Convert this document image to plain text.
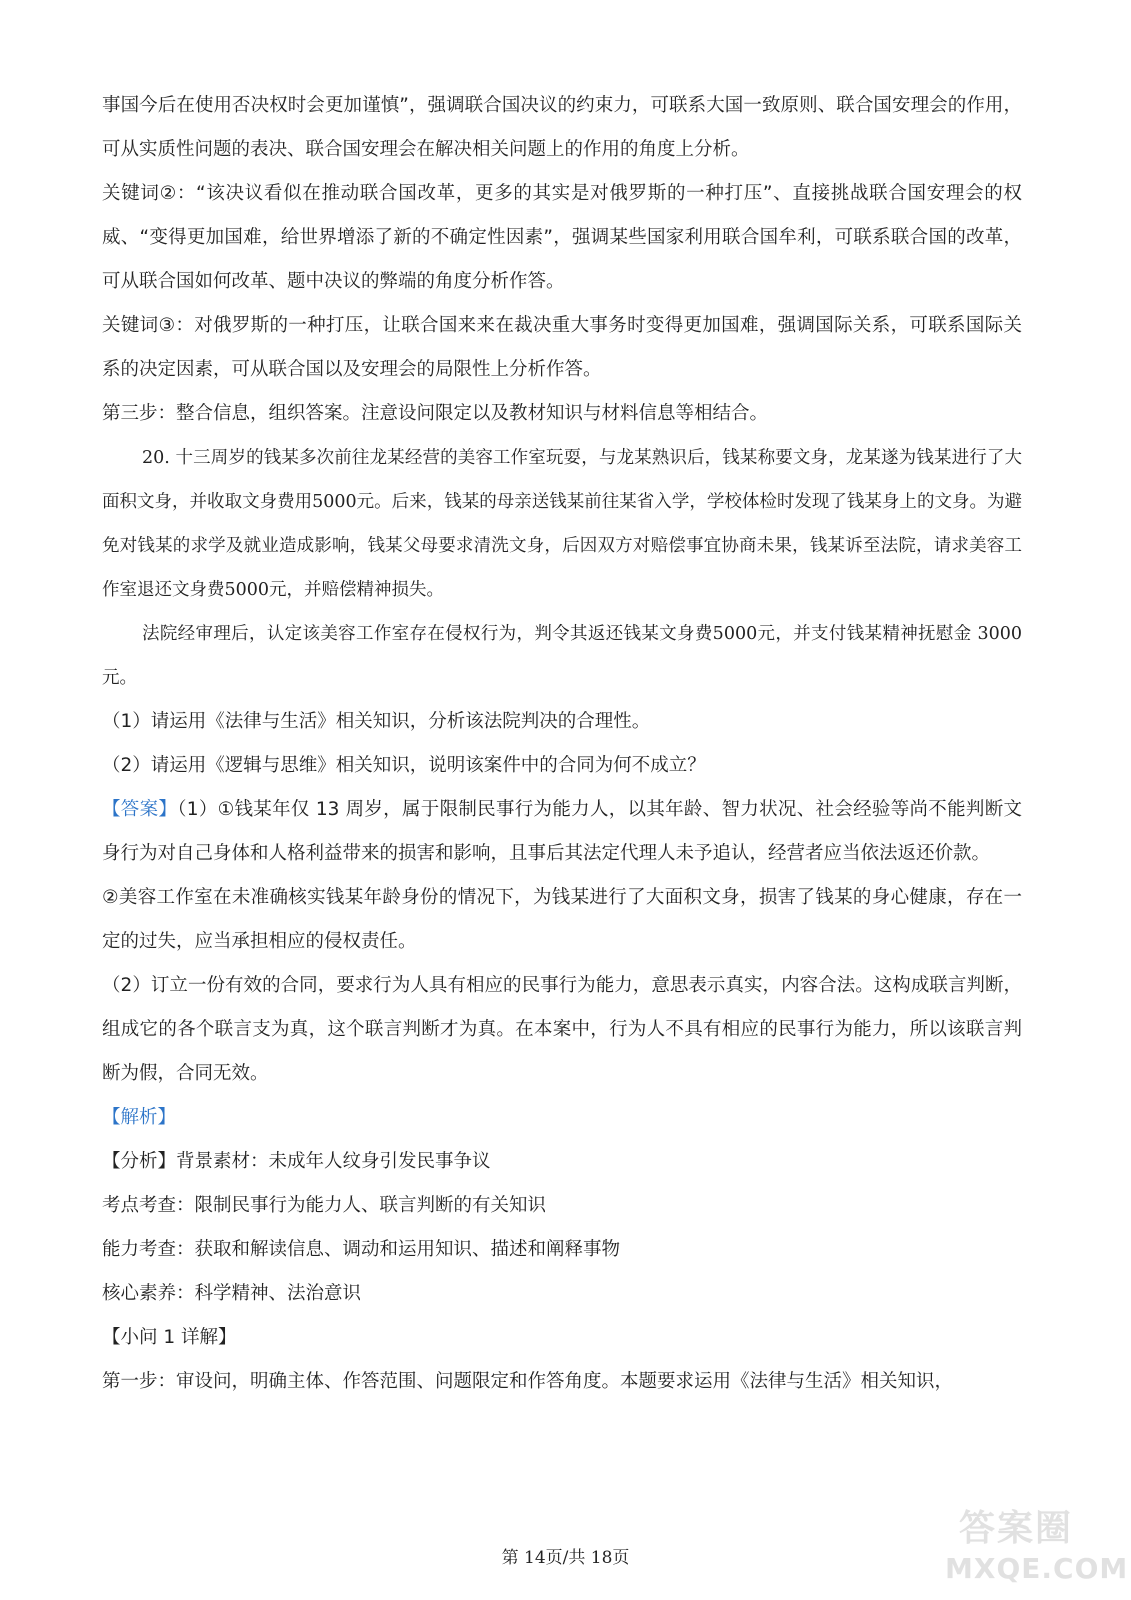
事国今后在使用否决权时会更加谨慎”，强调联合国决议的约束力，可联系大国一致原则、联合国安理会的作用，可从实质性问题的表决、联合国安理会在解决相关问题上的作用的角度上分析。

关键词②：“该决议看似在推动联合国改革，更多的其实是对俄罗斯的一种打压”、直接挑战联合国安理会的权威、“变得更加国难，给世界增添了新的不确定性因素”，强调某些国家利用联合国牟利，可联系联合国的改革，可从联合国如何改革、题中决议的弊端的角度分析作答。

关键词③：对俄罗斯的一种打压，让联合国来来在裁决重大事务时变得更加国难，强调国际关系，可联系国际关系的决定因素，可从联合国以及安理会的局限性上分析作答。

第三步：整合信息，组织答案。注意设问限定以及教材知识与材料信息等相结合。

20. 十三周岁的钱某多次前往龙某经营的美容工作室玩耍，与龙某熟识后，钱某称要文身，龙某遂为钱某进行了大面积文身，并收取文身费用5000元。后来，钱某的母亲送钱某前往某省入学，学校体检时发现了钱某身上的文身。为避免对钱某的求学及就业造成影响，钱某父母要求清洗文身，后因双方对赔偿事宜协商未果，钱某诉至法院，请求美容工作室退还文身费5000元，并赔偿精神损失。

法院经审理后，认定该美容工作室存在侵权行为，判令其返还钱某文身费5000元，并支付钱某精神抚慰金 3000 元。

（1）请运用《法律与生活》相关知识，分析该法院判决的合理性。

（2）请运用《逻辑与思维》相关知识，说明该案件中的合同为何不成立？

【答案】（1）①钱某年仅 13 周岁，属于限制民事行为能力人，以其年龄、智力状况、社会经验等尚不能判断文身行为对自己身体和人格利益带来的损害和影响，且事后其法定代理人未予追认，经营者应当依法返还价款。

②美容工作室在未准确核实钱某年龄身份的情况下，为钱某进行了大面积文身，损害了钱某的身心健康，存在一定的过失，应当承担相应的侵权责任。

（2）订立一份有效的合同，要求行为人具有相应的民事行为能力，意思表示真实，内容合法。这构成联言判断，组成它的各个联言支为真，这个联言判断才为真。在本案中，行为人不具有相应的民事行为能力，所以该联言判断为假，合同无效。

【解析】

【分析】背景素材：未成年人纹身引发民事争议

考点考查：限制民事行为能力人、联言判断的有关知识

能力考查：获取和解读信息、调动和运用知识、描述和阐释事物

核心素养：科学精神、法治意识

【小问 1 详解】

第一步：审设问，明确主体、作答范围、问题限定和作答角度。本题要求运用《法律与生活》相关知识，

第 14页/共 18页
答案圈
MXQE.COM
